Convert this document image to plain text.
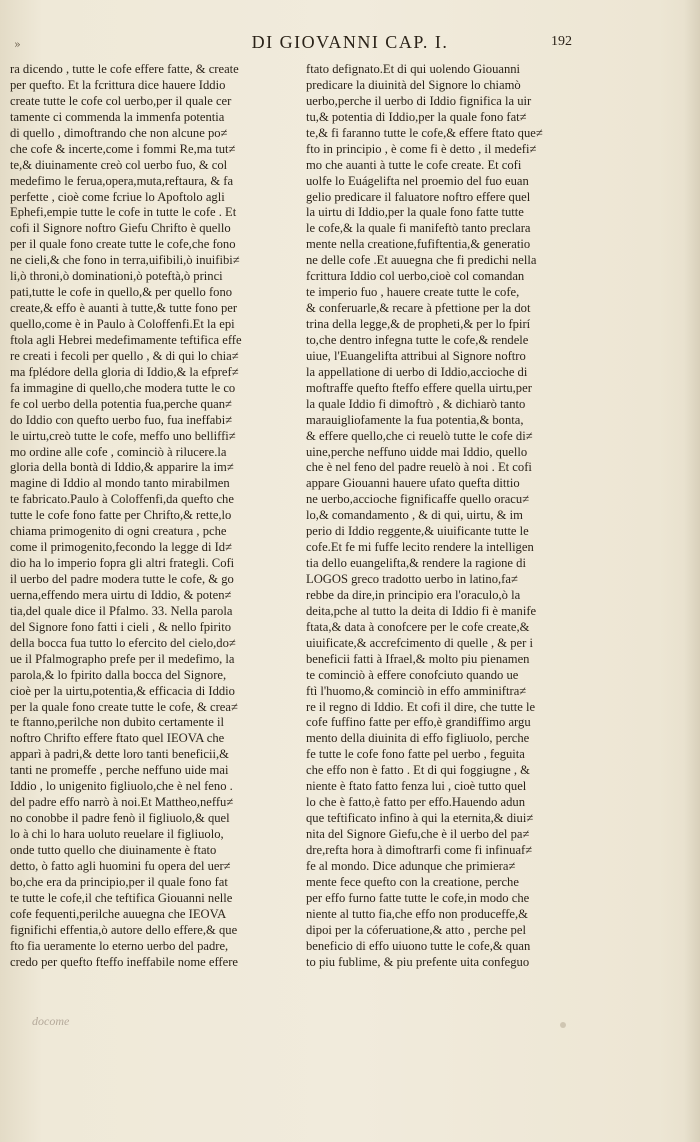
»	DI GIOVANNI CAP. I.	192
ra dicendo , tutte le cofe effere fatte, & create
per quefto. Et la fcrittura dice hauere Iddio
create tutte le cofe col uerbo,per il quale cer
tamente ci commenda la immenfa potentia
di quello , dimoftrando che non alcune po≠
che cofe & incerte,come i fommi Re,ma tut≠
te,& diuinamente creò col uerbo fuo, & col
medefimo le ferua,opera,muta,reftaura, & fa
perfette , cioè come fcriue lo Apoftolo agli
Ephefi,empie tutte le cofe in tutte le cofe . Et
cofi il Signore noftro Giefu Chrifto è quello
per il quale fono create tutte le cofe,che fono
ne cieli,& che fono in terra,uifibili,ò inuifibi≠
li,ò throni,ò dominationi,ò poteftà,ò princi
pati,tutte le cofe in quello,& per quello fono
create,& effo è auanti à tutte,& tutte fono per
quello,come è in Paulo à Coloffenfi.Et la epi
ftola agli Hebrei medefimamente teftifica effe
re creati i fecoli per quello , & di qui lo chia≠
ma fplédore della gloria di Iddio,& la efpref≠
fa immagine di quello,che modera tutte le co
fe col uerbo della potentia fua,perche quan≠
do Iddio con quefto uerbo fuo, fua ineffabi≠
le uirtu,creò tutte le cofe, meffo uno belliffi≠
mo ordine alle cofe , cominciò à rilucere.la
gloria della bontà di Iddio,& apparire la im≠
magine di Iddio al mondo tanto mirabilmen
te fabricato.Paulo à Coloffenfi,da quefto che
tutte le cofe fono fatte per Chrifto,& rette,lo
chiama primogenito di ogni creatura , pche
come il primogenito,fecondo la legge di Id≠
dio ha lo imperio fopra gli altri frategli. Cofi
il uerbo del padre modera tutte le cofe, & go
uerna,effendo mera uirtu di Iddio, & poten≠
tia,del quale dice il Pfalmo. 33. Nella parola
del Signore fono fatti i cieli , & nello fpirito
della bocca fua tutto lo efercito del cielo,do≠
ue il Pfalmographo prefe per il medefimo, la
parola,& lo fpirito dalla bocca del Signore,
cioè per la uirtu,potentia,& efficacia di Iddio
per la quale fono create tutte le cofe, & crea≠
te ftanno,perilche non dubito certamente il
noftro Chrifto effere ftato quel IEOVA che
apparì à padri,& dette loro tanti beneficii,&
tanti ne promeffe , perche neffuno uide mai
Iddio , lo unigenito figliuolo,che è nel feno .
del padre effo narrò à noi.Et Mattheo,neffu≠
no conobbe il padre fenò il figliuolo,& quel
lo à chi lo hara uoluto reuelare il figliuolo,
onde tutto quello che diuinamente è ftato
detto, ò fatto agli huomini fu opera del uer≠
bo,che era da principio,per il quale fono fat
te tutte le cofe,il che teftifica Giouanni nelle
cofe fequenti,perilche auuegna che IEOVA
fignifichi effentia,ò autore dello effere,& que
fto fia ueramente lo eterno uerbo del padre,
credo per quefto fteffo ineffabile nome effere
ftato defignato.Et di qui uolendo Giouanni
predicare la diuinità del Signore lo chiamò
uerbo,perche il uerbo di Iddio fignifica la uir
tu,& potentia di Iddio,per la quale fono fat≠
te,& fi faranno tutte le cofe,& effere ftato que≠
fto in principio , è come fi è detto , il medefi≠
mo che auanti à tutte le cofe create. Et cofi
uolfe lo Euágelifta nel proemio del fuo euan
gelio predicare il faluatore noftro effere quel
la uirtu di Iddio,per la quale fono fatte tutte
le cofe,& la quale fi manifeftò tanto preclara
mente nella creatione,fufiftentia,& generatio
ne delle cofe .Et auuegna che fi predichi nella
fcrittura Iddio col uerbo,cioè col comandan
te imperio fuo , hauere create tutte le cofe,
& conferuarle,& recare à pfettione per la dot
trina della legge,& de propheti,& per lo fpirí
to,che dentro infegna tutte le cofe,& rendele
uiue, l'Euangelifta attribui al Signore noftro
la appellatione di uerbo di Iddio,accioche di
moftraffe quefto fteffo effere quella uirtu,per
la quale Iddio fi dimoftrò , & dichiarò tanto
marauigliofamente la fua potentia,& bonta,
& effere quello,che ci reuelò tutte le cofe di≠
uine,perche neffuno uidde mai Iddio, quello
che è nel feno del padre reuelò à noi . Et cofi
appare Giouanni hauere ufato quefta dittio
ne uerbo,accioche fignificaffe quello oracu≠
lo,& comandamento , & di qui, uirtu, & im
perio di Iddio reggente,& uiuificante tutte le
cofe.Et fe mi fuffe lecito rendere la intelligen
tia dello euangelifta,& rendere la ragione di
LOGOS greco tradotto uerbo in latino,fa≠
rebbe da dire,in principio era l'oraculo,ò la
deita,pche al tutto la deita di Iddio fi è manife
ftata,& data à conofcere per le cofe create,&
uiuificate,& accrefcimento di quelle , & per i
beneficii fatti à Ifrael,& molto piu pienamen
te cominciò à effere conofciuto quando ue
ftì l'huomo,& cominciò in effo amminiftra≠
re il regno di Iddio. Et cofi il dire, che tutte le
cofe fuffino fatte per effo,è grandiffimo argu
mento della diuinita di effo figliuolo, perche
fe tutte le cofe fono fatte pel uerbo , feguita
che effo non è fatto . Et di qui foggiugne , &
niente è ftato fatto fenza lui , cioè tutto quel
lo che è fatto,è fatto per effo.Hauendo adun
que teftificato infino à qui la eternita,& diui≠
nita del Signore Giefu,che è il uerbo del pa≠
dre,refta hora à dimoftrarfi come fi infinuaf≠
fe al mondo. Dice adunque che primiera≠
mente fece quefto con la creatione, perche
per effo furno fatte tutte le cofe,in modo che
niente al tutto fia,che effo non produceffe,&
dipoi per la cóferuatione,& atto , perche pel
beneficio di effo uiuono tutte le cofe,& quan
to piu fublime, & piu prefente uita confeguo
docome
